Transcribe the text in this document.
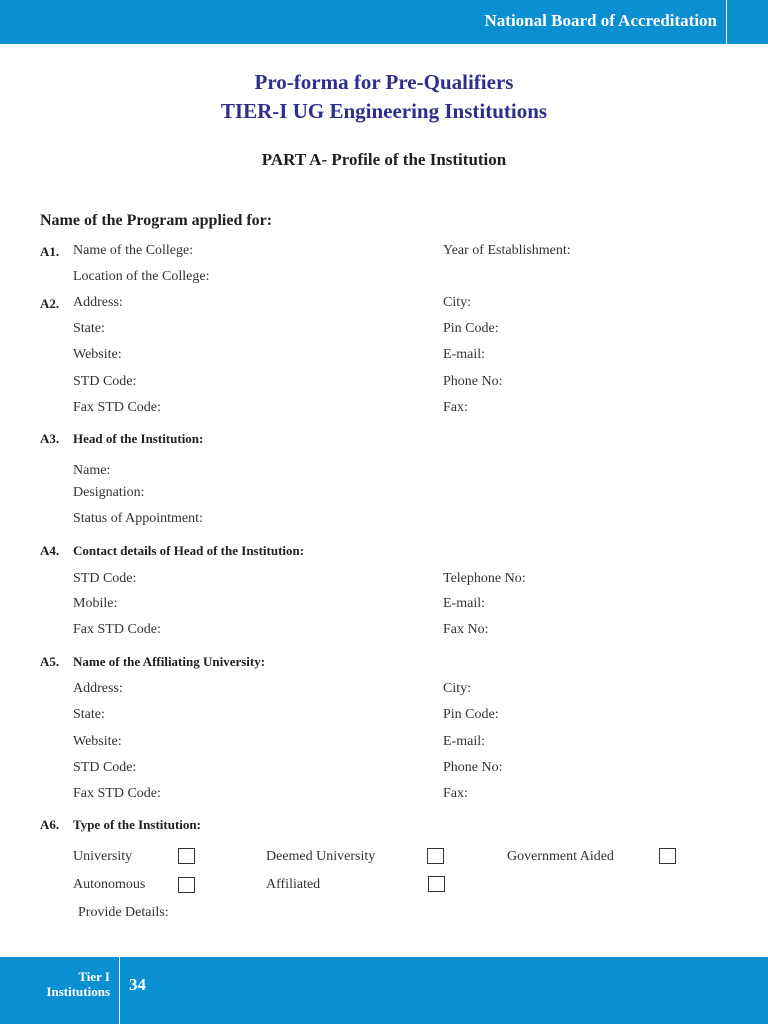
National Board of Accreditation
Pro-forma for Pre-Qualifiers
TIER-I UG Engineering Institutions
PART A- Profile of the Institution
Name of the Program applied for:
A1. Name of the College:	Year of Establishment:
Location of the College:
A2. Address:	City:
State:	Pin Code:
Website:	E-mail:
STD Code:	Phone No:
Fax STD Code:	Fax:
A3. Head of the Institution:
Name:
Designation:
Status of Appointment:
A4. Contact details of Head of the Institution:
STD Code:	Telephone No:
Mobile:	E-mail:
Fax STD Code:	Fax No:
A5. Name of the Affiliating University:
Address:	City:
State:	Pin Code:
Website:	E-mail:
STD Code:	Phone No:
Fax STD Code:	Fax:
A6. Type of the Institution:
University	Deemed University	Government Aided
Autonomous	Affiliated
Provide Details:
Tier I
Institutions 34
